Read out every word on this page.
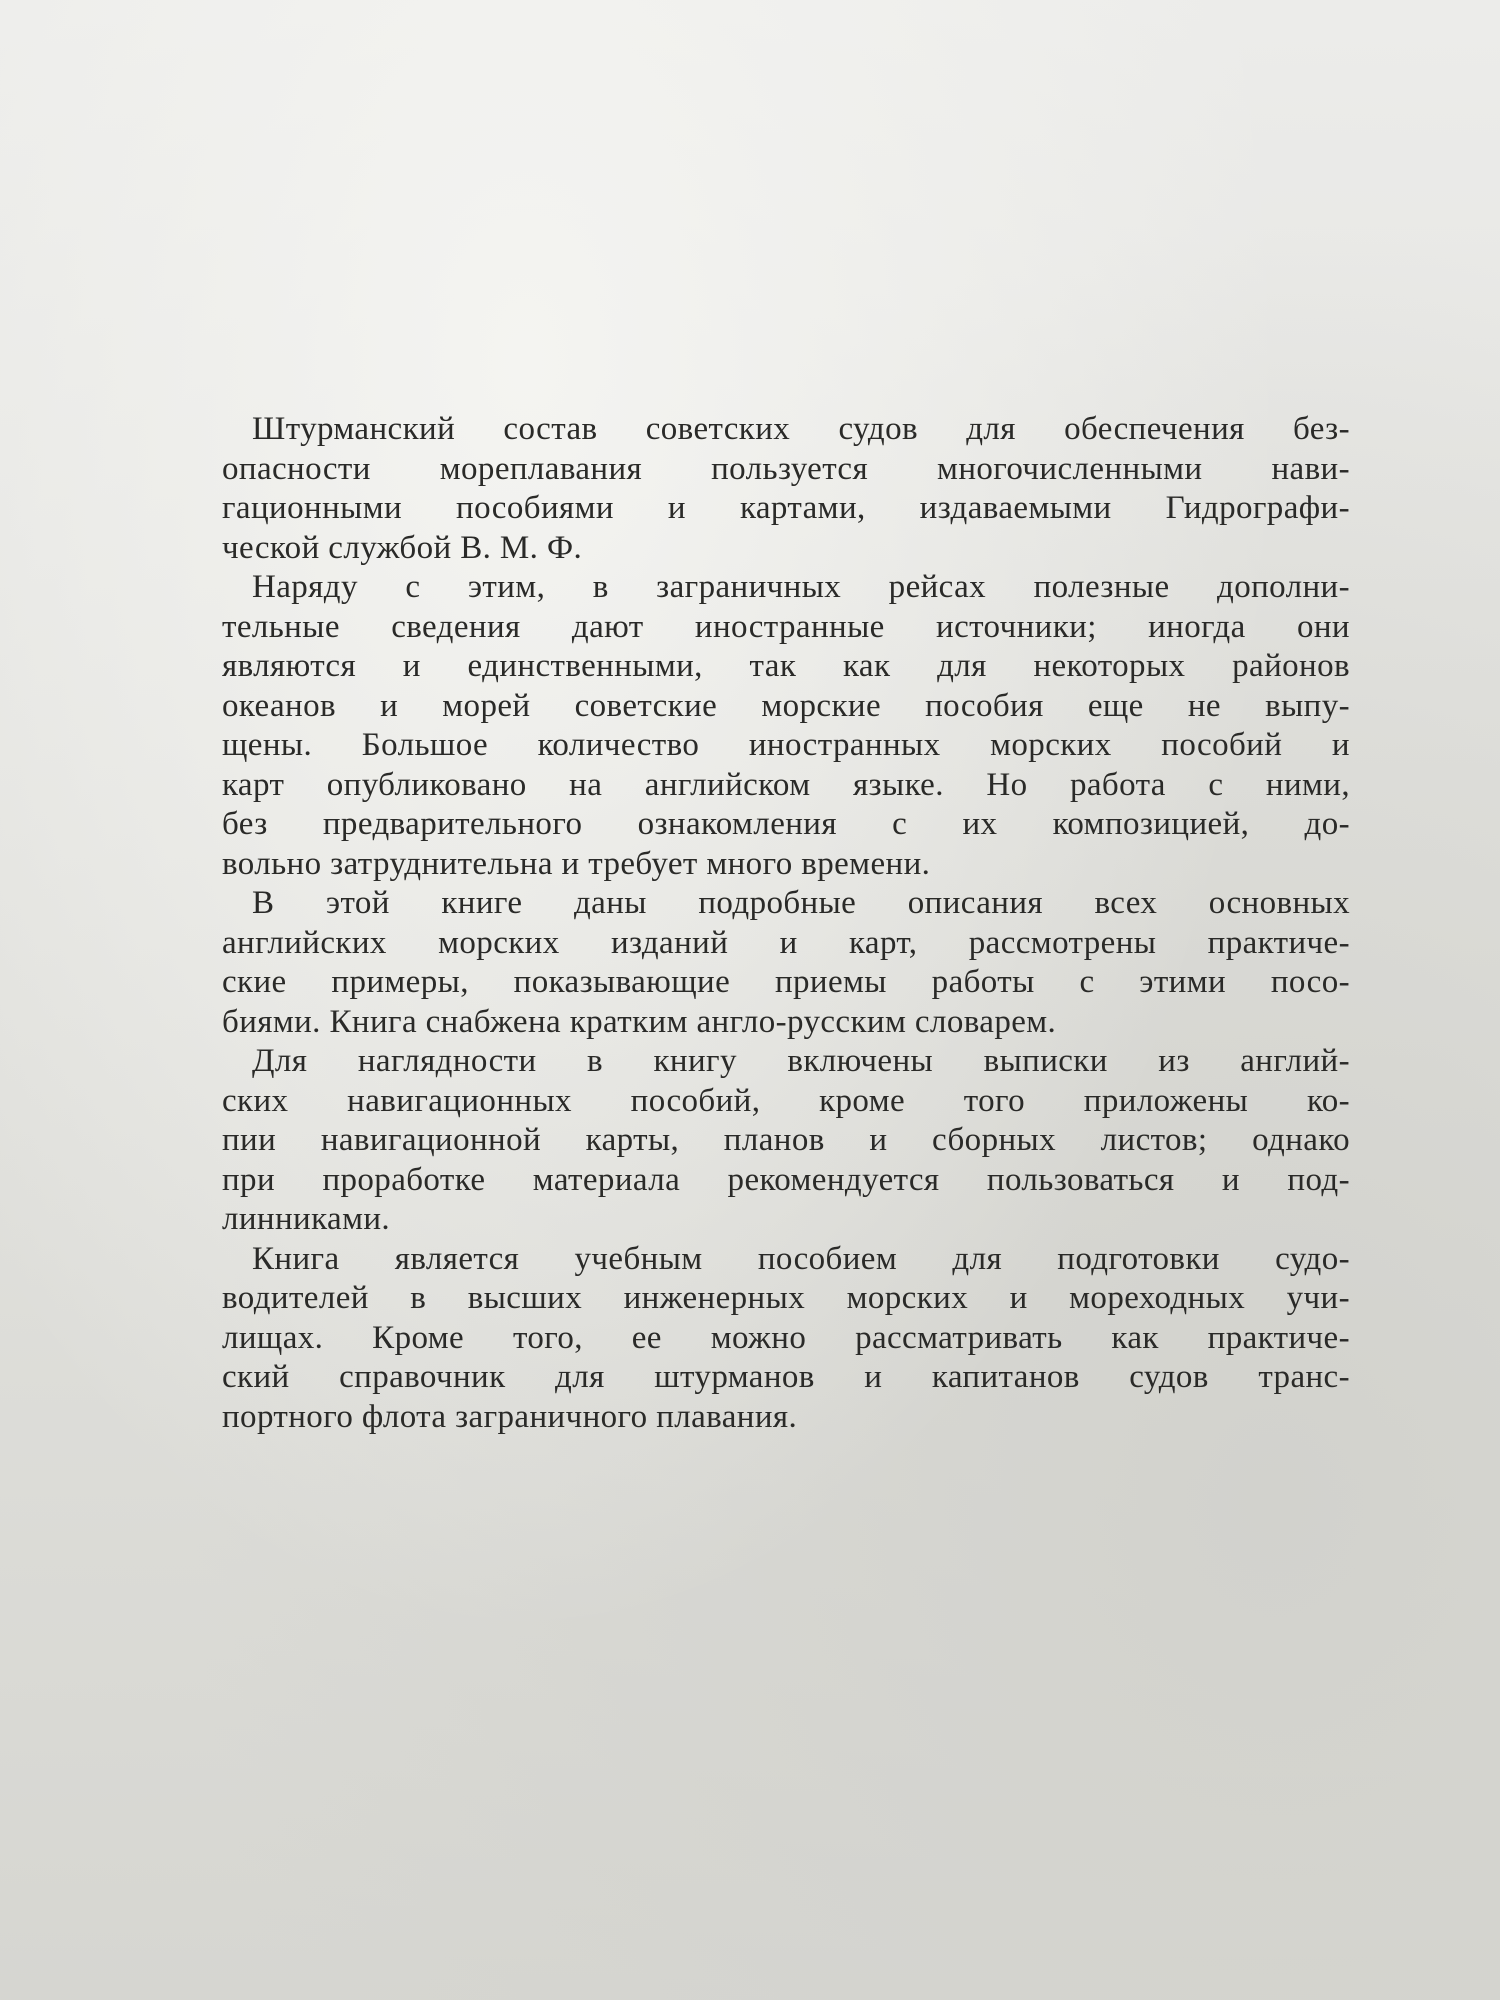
Штурманский состав советских судов для обеспечения без-
опасности мореплавания пользуется многочисленными нави-
гационными пособиями и картами, издаваемыми Гидрографи-
ческой службой В. М. Ф.
Наряду с этим, в заграничных рейсах полезные дополни-
тельные сведения дают иностранные источники; иногда они
являются и единственными, так как для некоторых районов
океанов и морей советские морские пособия еще не выпу-
щены. Большое количество иностранных морских пособий и
карт опубликовано на английском языке. Но работа с ними,
без предварительного ознакомления с их композицией, до-
вольно затруднительна и требует много времени.
В этой книге даны подробные описания всех основных
английских морских изданий и карт, рассмотрены практиче-
ские примеры, показывающие приемы работы с этими посо-
биями. Книга снабжена кратким англо-русским словарем.
Для наглядности в книгу включены выписки из англий-
ских навигационных пособий, кроме того приложены ко-
пии навигационной карты, планов и сборных листов; однако
при проработке материала рекомендуется пользоваться и под-
линниками.
Книга является учебным пособием для подготовки судо-
водителей в высших инженерных морских и мореходных учи-
лищах. Кроме того, ее можно рассматривать как практиче-
ский справочник для штурманов и капитанов судов транс-
портного флота заграничного плавания.
